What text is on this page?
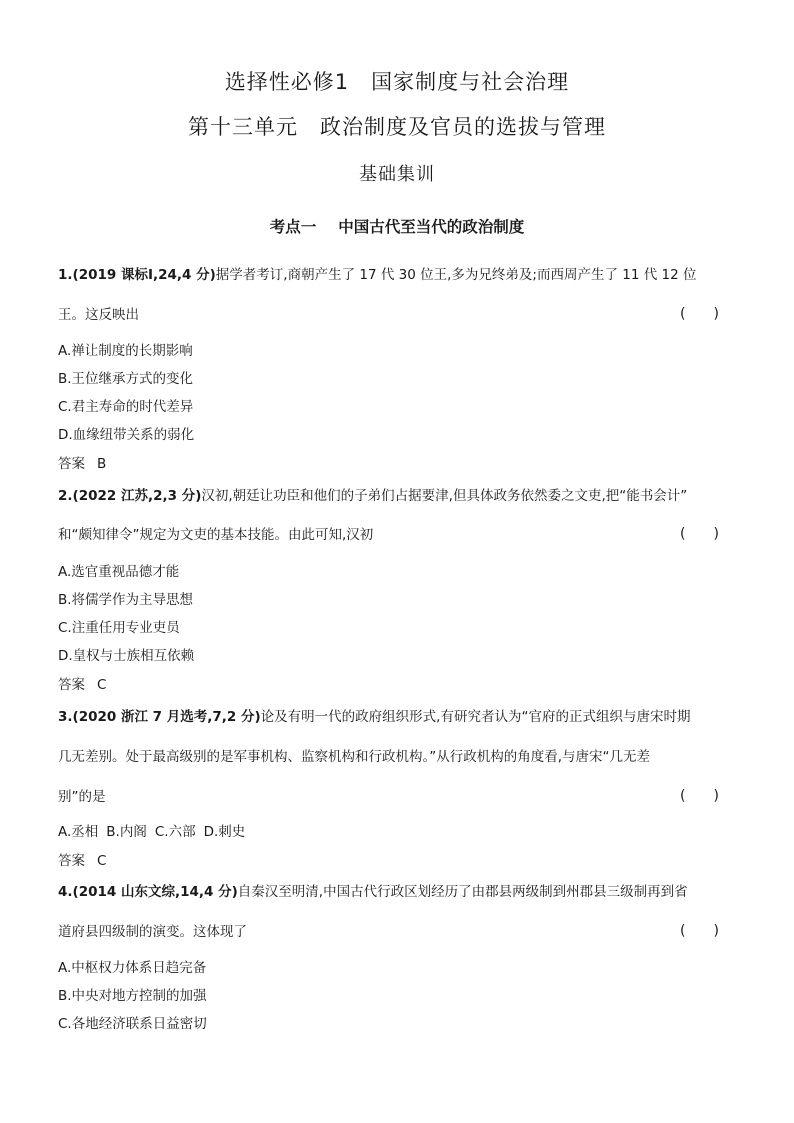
选择性必修1　国家制度与社会治理
第十三单元　政治制度及官员的选拔与管理
基础集训
考点一 中国古代至当代的政治制度
1.(2019 课标Ⅰ,24,4 分)据学者考订,商朝产生了 17 代 30 位王,多为兄终弟及;而西周产生了 11 代 12 位
王。这反映出	(　　)
A.禅让制度的长期影响
B.王位继承方式的变化
C.君主寿命的时代差异
D.血缘纽带关系的弱化
答案 B
2.(2022 江苏,2,3 分)汉初,朝廷让功臣和他们的子弟们占据要津,但具体政务依然委之文吏,把“能书会计”
和“颇知律令”规定为文吏的基本技能。由此可知,汉初	(　　)
A.选官重视品德才能
B.将儒学作为主导思想
C.注重任用专业吏员
D.皇权与士族相互依赖
答案 C
3.(2020 浙江 7 月选考,7,2 分)论及有明一代的政府组织形式,有研究者认为“官府的正式组织与唐宋时期
几无差别。处于最高级别的是军事机构、监察机构和行政机构。”从行政机构的角度看,与唐宋“几无差
别”的是	(　　)
A.丞相 B.内阁 C.六部 D.刺史
答案 C
4.(2014 山东文综,14,4 分)自秦汉至明清,中国古代行政区划经历了由郡县两级制到州郡县三级制再到省
道府县四级制的演变。这体现了	(　　)
A.中枢权力体系日趋完备
B.中央对地方控制的加强
C.各地经济联系日益密切
